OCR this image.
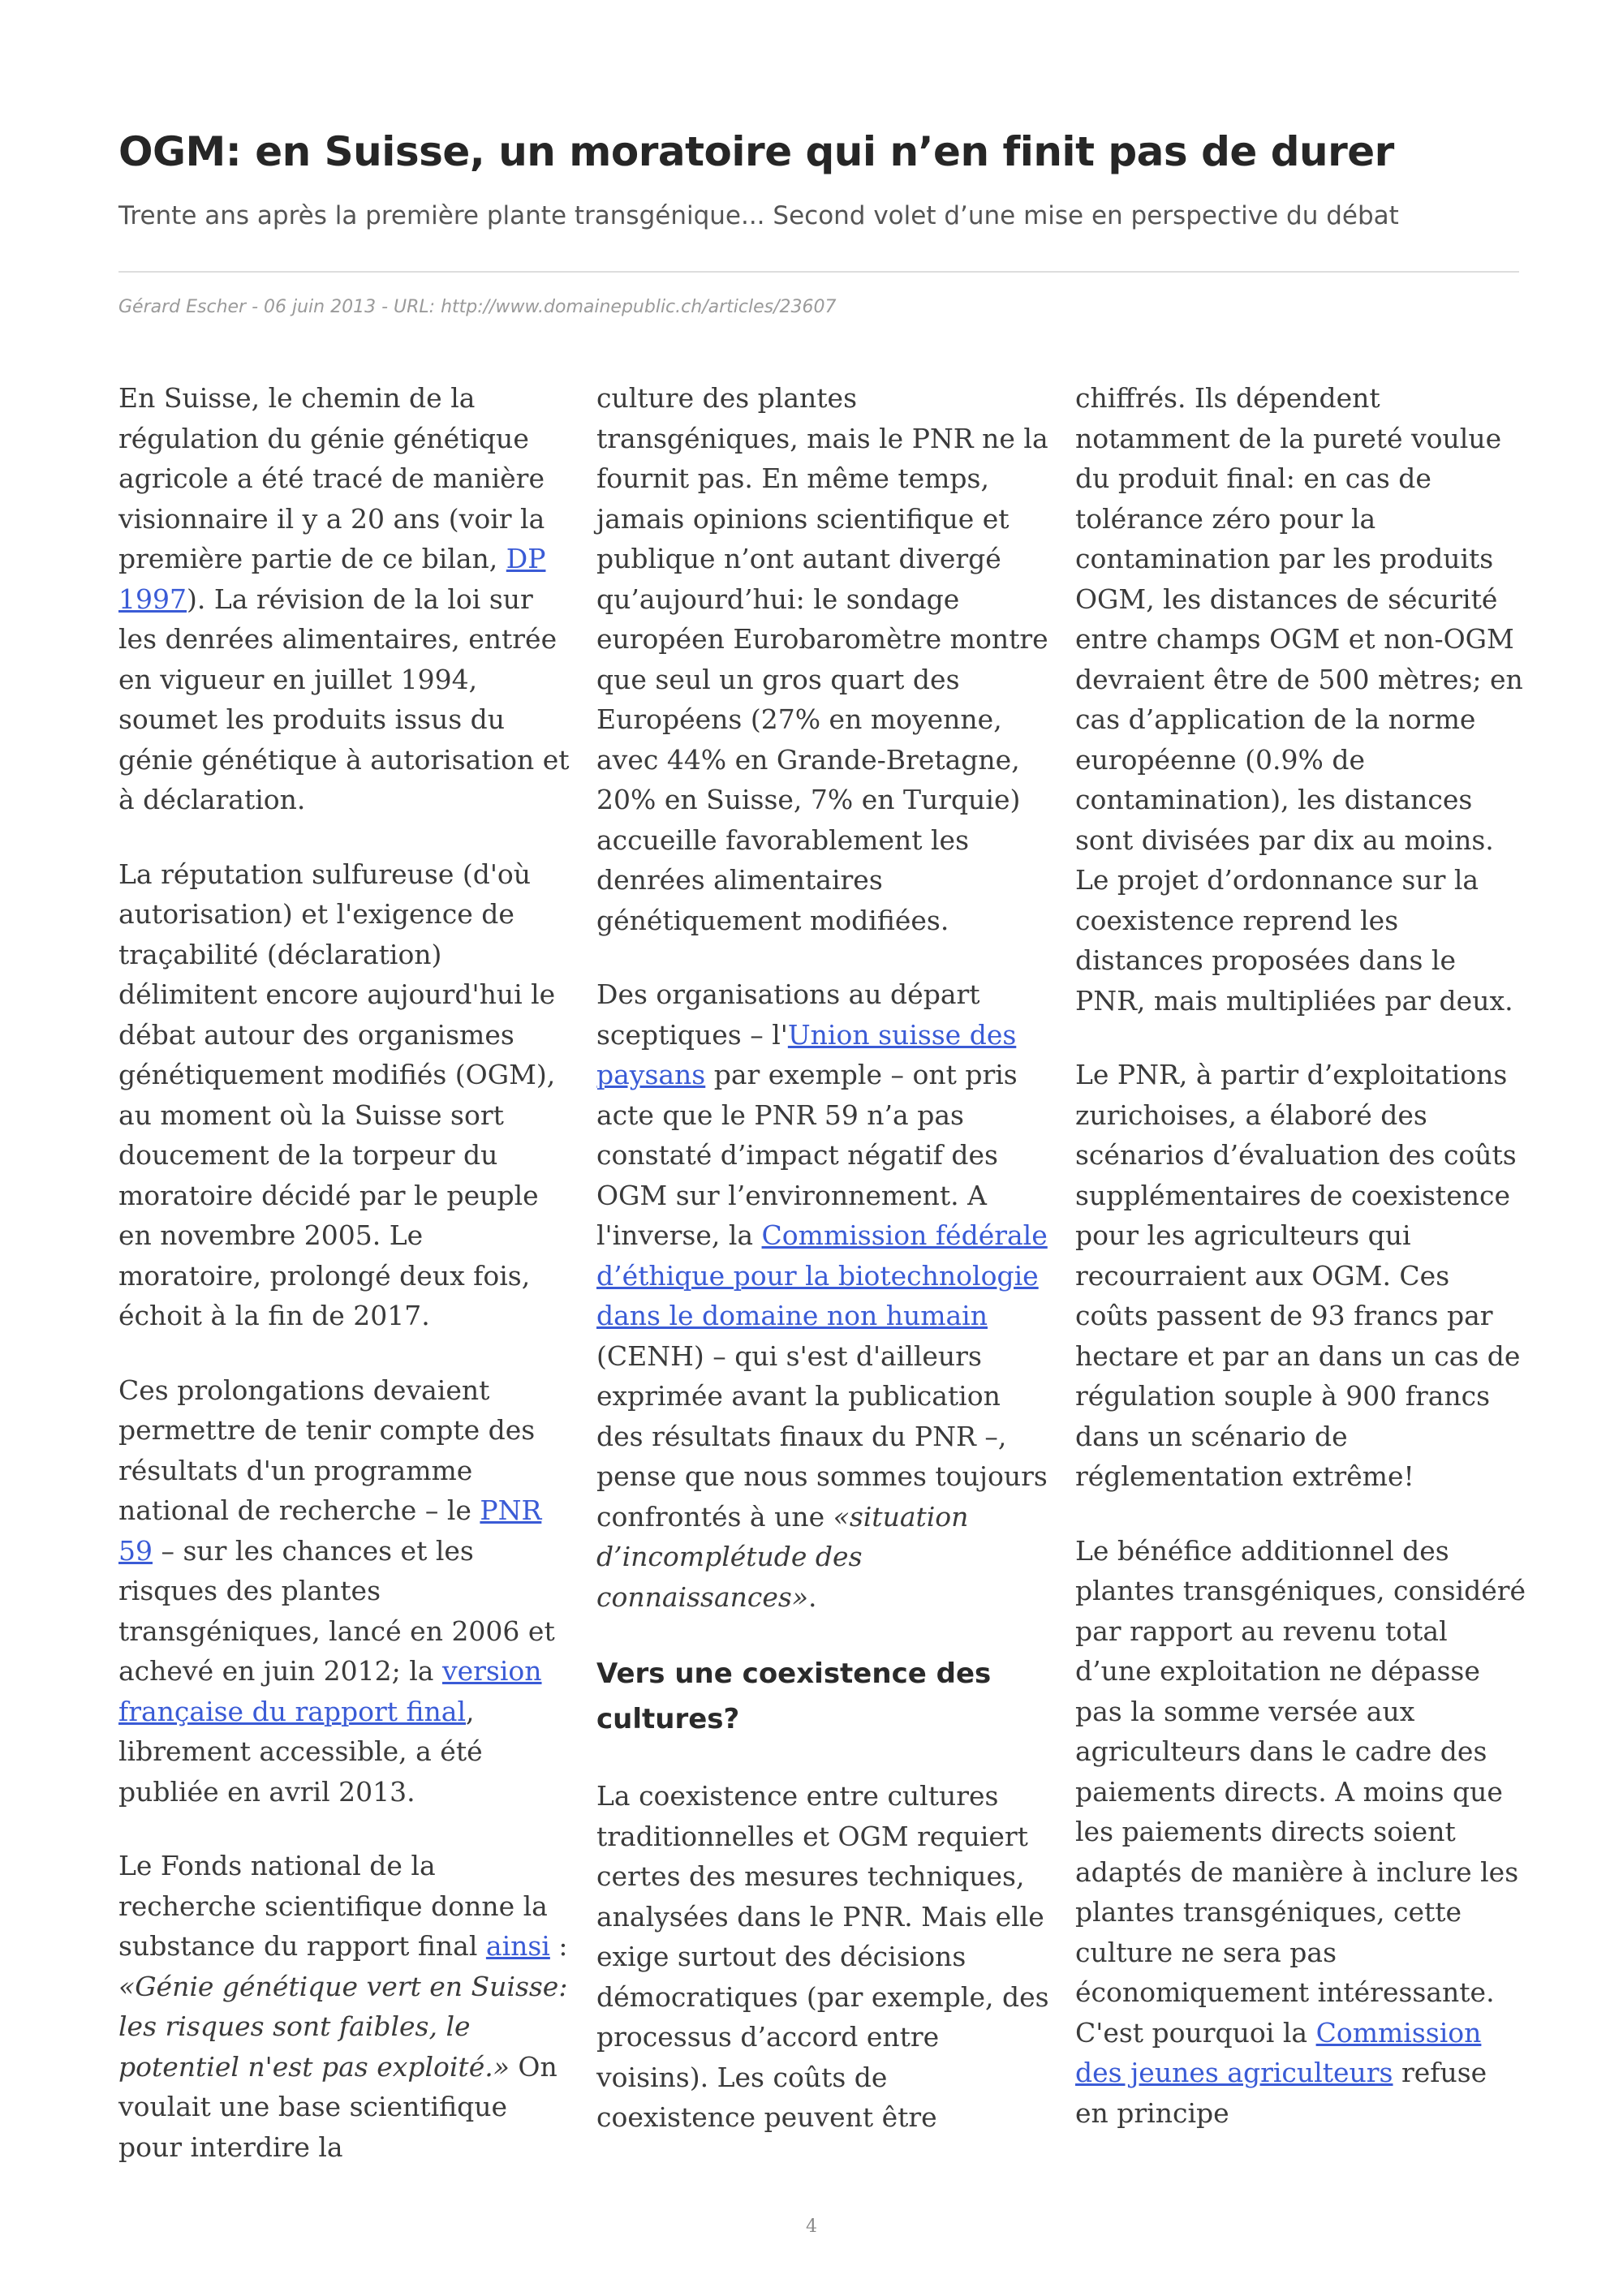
OGM: en Suisse, un moratoire qui n’en finit pas de durer
Trente ans après la première plante transgénique... Second volet d’une mise en perspective du débat
Gérard Escher - 06 juin 2013 - URL: http://www.domainepublic.ch/articles/23607

En Suisse, le chemin de la régulation du génie génétique agricole a été tracé de manière visionnaire il y a 20 ans (voir la première partie de ce bilan, DP 1997). La révision de la loi sur les denrées alimentaires, entrée en vigueur en juillet 1994, soumet les produits issus du génie génétique à autorisation et à déclaration.

La réputation sulfureuse (d'où autorisation) et l'exigence de traçabilité (déclaration) délimitent encore aujourd'hui le débat autour des organismes génétiquement modifiés (OGM), au moment où la Suisse sort doucement de la torpeur du moratoire décidé par le peuple en novembre 2005. Le moratoire, prolongé deux fois, échoit à la fin de 2017.

Ces prolongations devaient permettre de tenir compte des résultats d'un programme national de recherche – le PNR 59 – sur les chances et les risques des plantes transgéniques, lancé en 2006 et achevé en juin 2012; la version française du rapport final, librement accessible, a été publiée en avril 2013.

Le Fonds national de la recherche scientifique donne la substance du rapport final ainsi : «Génie génétique vert en Suisse: les risques sont faibles, le potentiel n'est pas exploité.» On voulait une base scientifique pour interdire la

culture des plantes transgéniques, mais le PNR ne la fournit pas. En même temps, jamais opinions scientifique et publique n’ont autant divergé qu’aujourd’hui: le sondage européen Eurobaromètre montre que seul un gros quart des Européens (27% en moyenne, avec 44% en Grande-Bretagne, 20% en Suisse, 7% en Turquie) accueille favorablement les denrées alimentaires génétiquement modifiées.

Des organisations au départ sceptiques – l'Union suisse des paysans par exemple – ont pris acte que le PNR 59 n’a pas constaté d’impact négatif des OGM sur l’environnement. A l'inverse, la Commission fédérale d’éthique pour la biotechnologie dans le domaine non humain (CENH) – qui s'est d'ailleurs exprimée avant la publication des résultats finaux du PNR –, pense que nous sommes toujours confrontés à une «situation d’incomplétude des connaissances».

Vers une coexistence des cultures?

La coexistence entre cultures traditionnelles et OGM requiert certes des mesures techniques, analysées dans le PNR. Mais elle exige surtout des décisions démocratiques (par exemple, des processus d’accord entre voisins). Les coûts de coexistence peuvent être

chiffrés. Ils dépendent notamment de la pureté voulue du produit final: en cas de tolérance zéro pour la contamination par les produits OGM, les distances de sécurité entre champs OGM et non-OGM devraient être de 500 mètres; en cas d’application de la norme européenne (0.9% de contamination), les distances sont divisées par dix au moins. Le projet d’ordonnance sur la coexistence reprend les distances proposées dans le PNR, mais multipliées par deux.

Le PNR, à partir d’exploitations zurichoises, a élaboré des scénarios d’évaluation des coûts supplémentaires de coexistence pour les agriculteurs qui recourraient aux OGM. Ces coûts passent de 93 francs par hectare et par an dans un cas de régulation souple à 900 francs dans un scénario de réglementation extrême!

Le bénéfice additionnel des plantes transgéniques, considéré par rapport au revenu total d’une exploitation ne dépasse pas la somme versée aux agriculteurs dans le cadre des paiements directs. A moins que les paiements directs soient adaptés de manière à inclure les plantes transgéniques, cette culture ne sera pas économiquement intéressante. C'est pourquoi la Commission des jeunes agriculteurs refuse en principe

4
